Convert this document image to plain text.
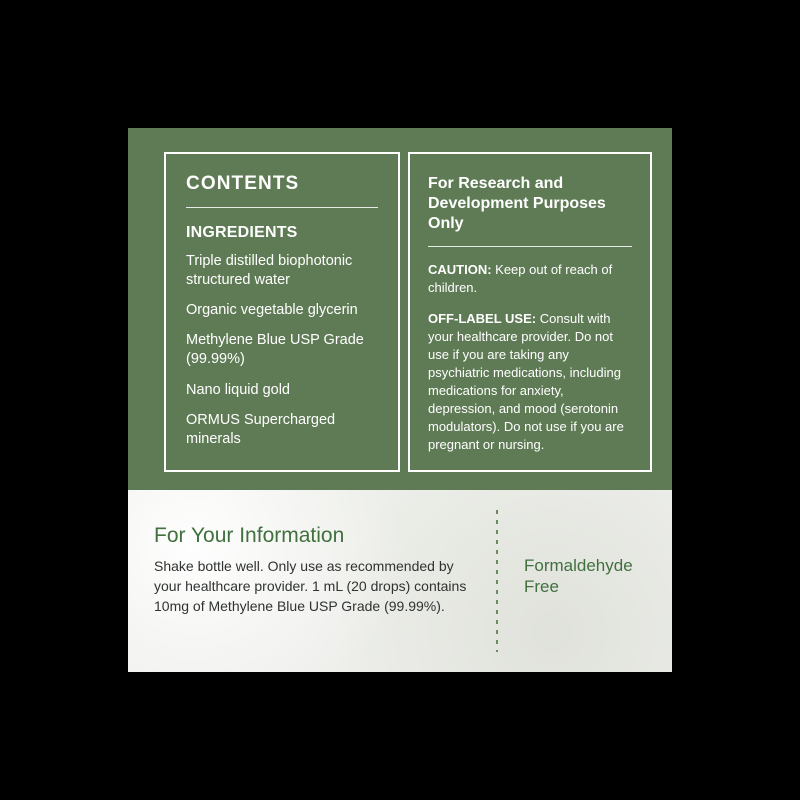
CONTENTS
INGREDIENTS

Triple distilled biophotonic structured water

Organic vegetable glycerin

Methylene Blue USP Grade (99.99%)

Nano liquid gold

ORMUS Supercharged minerals

For Research and Development Purposes Only

CAUTION: Keep out of reach of children.

OFF-LABEL USE: Consult with your healthcare provider. Do not use if you are taking any psychiatric medications, including medications for anxiety, depression, and mood (serotonin modulators). Do not use if you are pregnant or nursing.

For Your Information

Shake bottle well. Only use as recommended by your healthcare provider. 1 mL (20 drops) contains 10mg of Methylene Blue USP Grade (99.99%).

Formaldehyde Free
